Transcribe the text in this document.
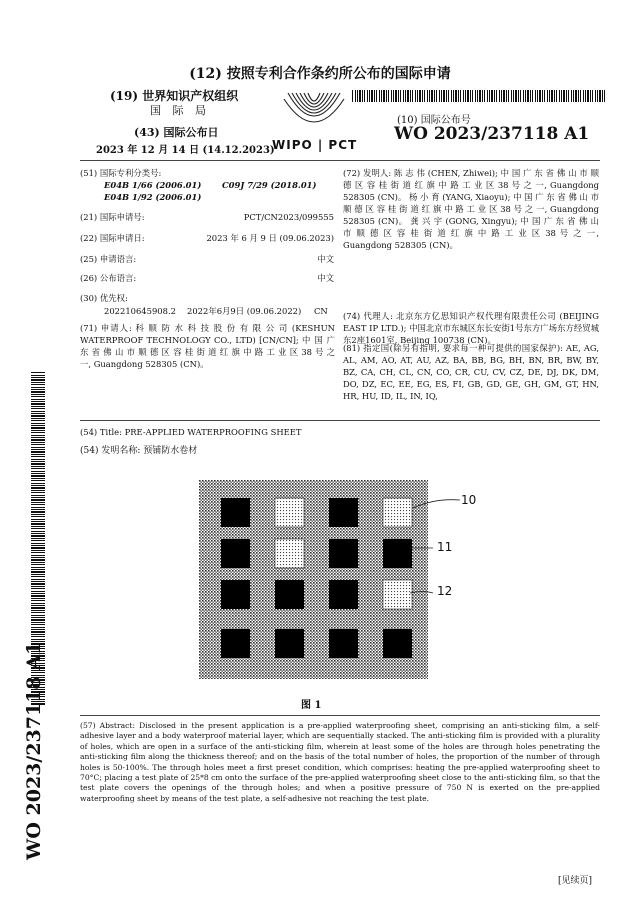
(12) 按照专利合作条约所公布的国际申请
(19) 世界知识产权组织
国 际 局
(43) 国际公布日
2023 年 12 月 14 日 (14.12.2023)
WIPO | PCT
(10) 国际公布号
WO 2023/237118 A1
(51) 国际专利分类号:
E04B 1/66 (2006.01) C09J 7/29 (2018.01)
E04B 1/92 (2006.01)
(21) 国际申请号:	PCT/CN2023/099555
(22) 国际申请日:	2023 年 6 月 9 日 (09.06.2023)
(25) 申请语言:	中文
(26) 公布语言:	中文
(30) 优先权:
202210645908.2 2022年6月9日 (09.06.2022) CN
(71) 申请人: 科 顺 防 水 科 技 股 份 有 限 公 司 (KESHUN WATERPROOF TECHNOLOGY CO., LTD) [CN/CN]; 中 国 广 东 省 佛 山 市 顺 德 区 容 桂 街 道 红 旗 中 路 工 业 区 38 号 之 一, Guangdong 528305 (CN)。
(72) 发明人: 陈 志 伟 (CHEN, Zhiwei); 中 国 广 东 省 佛 山 市 顺 德 区 容 桂 街 道 红 旗 中 路 工 业 区 38 号 之 一, Guangdong 528305 (CN)。 杨 小 育 (YANG, Xiaoyu); 中 国 广 东 省 佛 山 市 顺 德 区 容 桂 街 道 红 旗 中 路 工 业 区 38 号 之 一, Guangdong 528305 (CN)。 龚 兴 宇 (GONG, Xingyu); 中 国 广 东 省 佛 山 市 顺 德 区 容 桂 街 道 红 旗 中 路 工 业 区 38 号 之 一, Guangdong 528305 (CN)。
(74) 代理人: 北京东方亿思知识产权代理有限责任公司 (BEIJING EAST IP LTD.); 中国北京市东城区东长安街1号东方广场东方经贸城东2座1601室, Beijing 100738 (CN)。
(81) 指定国(除另有指明, 要求每一种可提供的国家保护): AE, AG, AL, AM, AO, AT, AU, AZ, BA, BB, BG, BH, BN, BR, BW, BY, BZ, CA, CH, CL, CN, CO, CR, CU, CV, CZ, DE, DJ, DK, DM, DO, DZ, EC, EE, EG, ES, FI, GB, GD, GE, GH, GM, GT, HN, HR, HU, ID, IL, IN, IQ,
WO 2023/237118 A1
(54) Title: PRE-APPLIED WATERPROOFING SHEET
(54) 发明名称: 预铺防水卷材
10
11
12
图 1
(57) Abstract: Disclosed in the present application is a pre-applied waterproofing sheet, comprising an anti-sticking film, a self-adhesive layer and a body waterproof material layer, which are sequentially stacked. The anti-sticking film is provided with a plurality of holes, which are open in a surface of the anti-sticking film, wherein at least some of the holes are through holes penetrating the anti-sticking film along the thickness thereof; and on the basis of the total number of holes, the proportion of the number of through holes is 50-100%. The through holes meet a first preset condition, which comprises: heating the pre-applied waterproofing sheet to 70°C; placing a test plate of 25*8 cm onto the surface of the pre-applied waterproofing sheet close to the anti-sticking film, so that the test plate covers the openings of the through holes; and when a positive pressure of 750 N is exerted on the pre-applied waterproofing sheet by means of the test plate, a self-adhesive not reaching the test plate.
[见续页]
